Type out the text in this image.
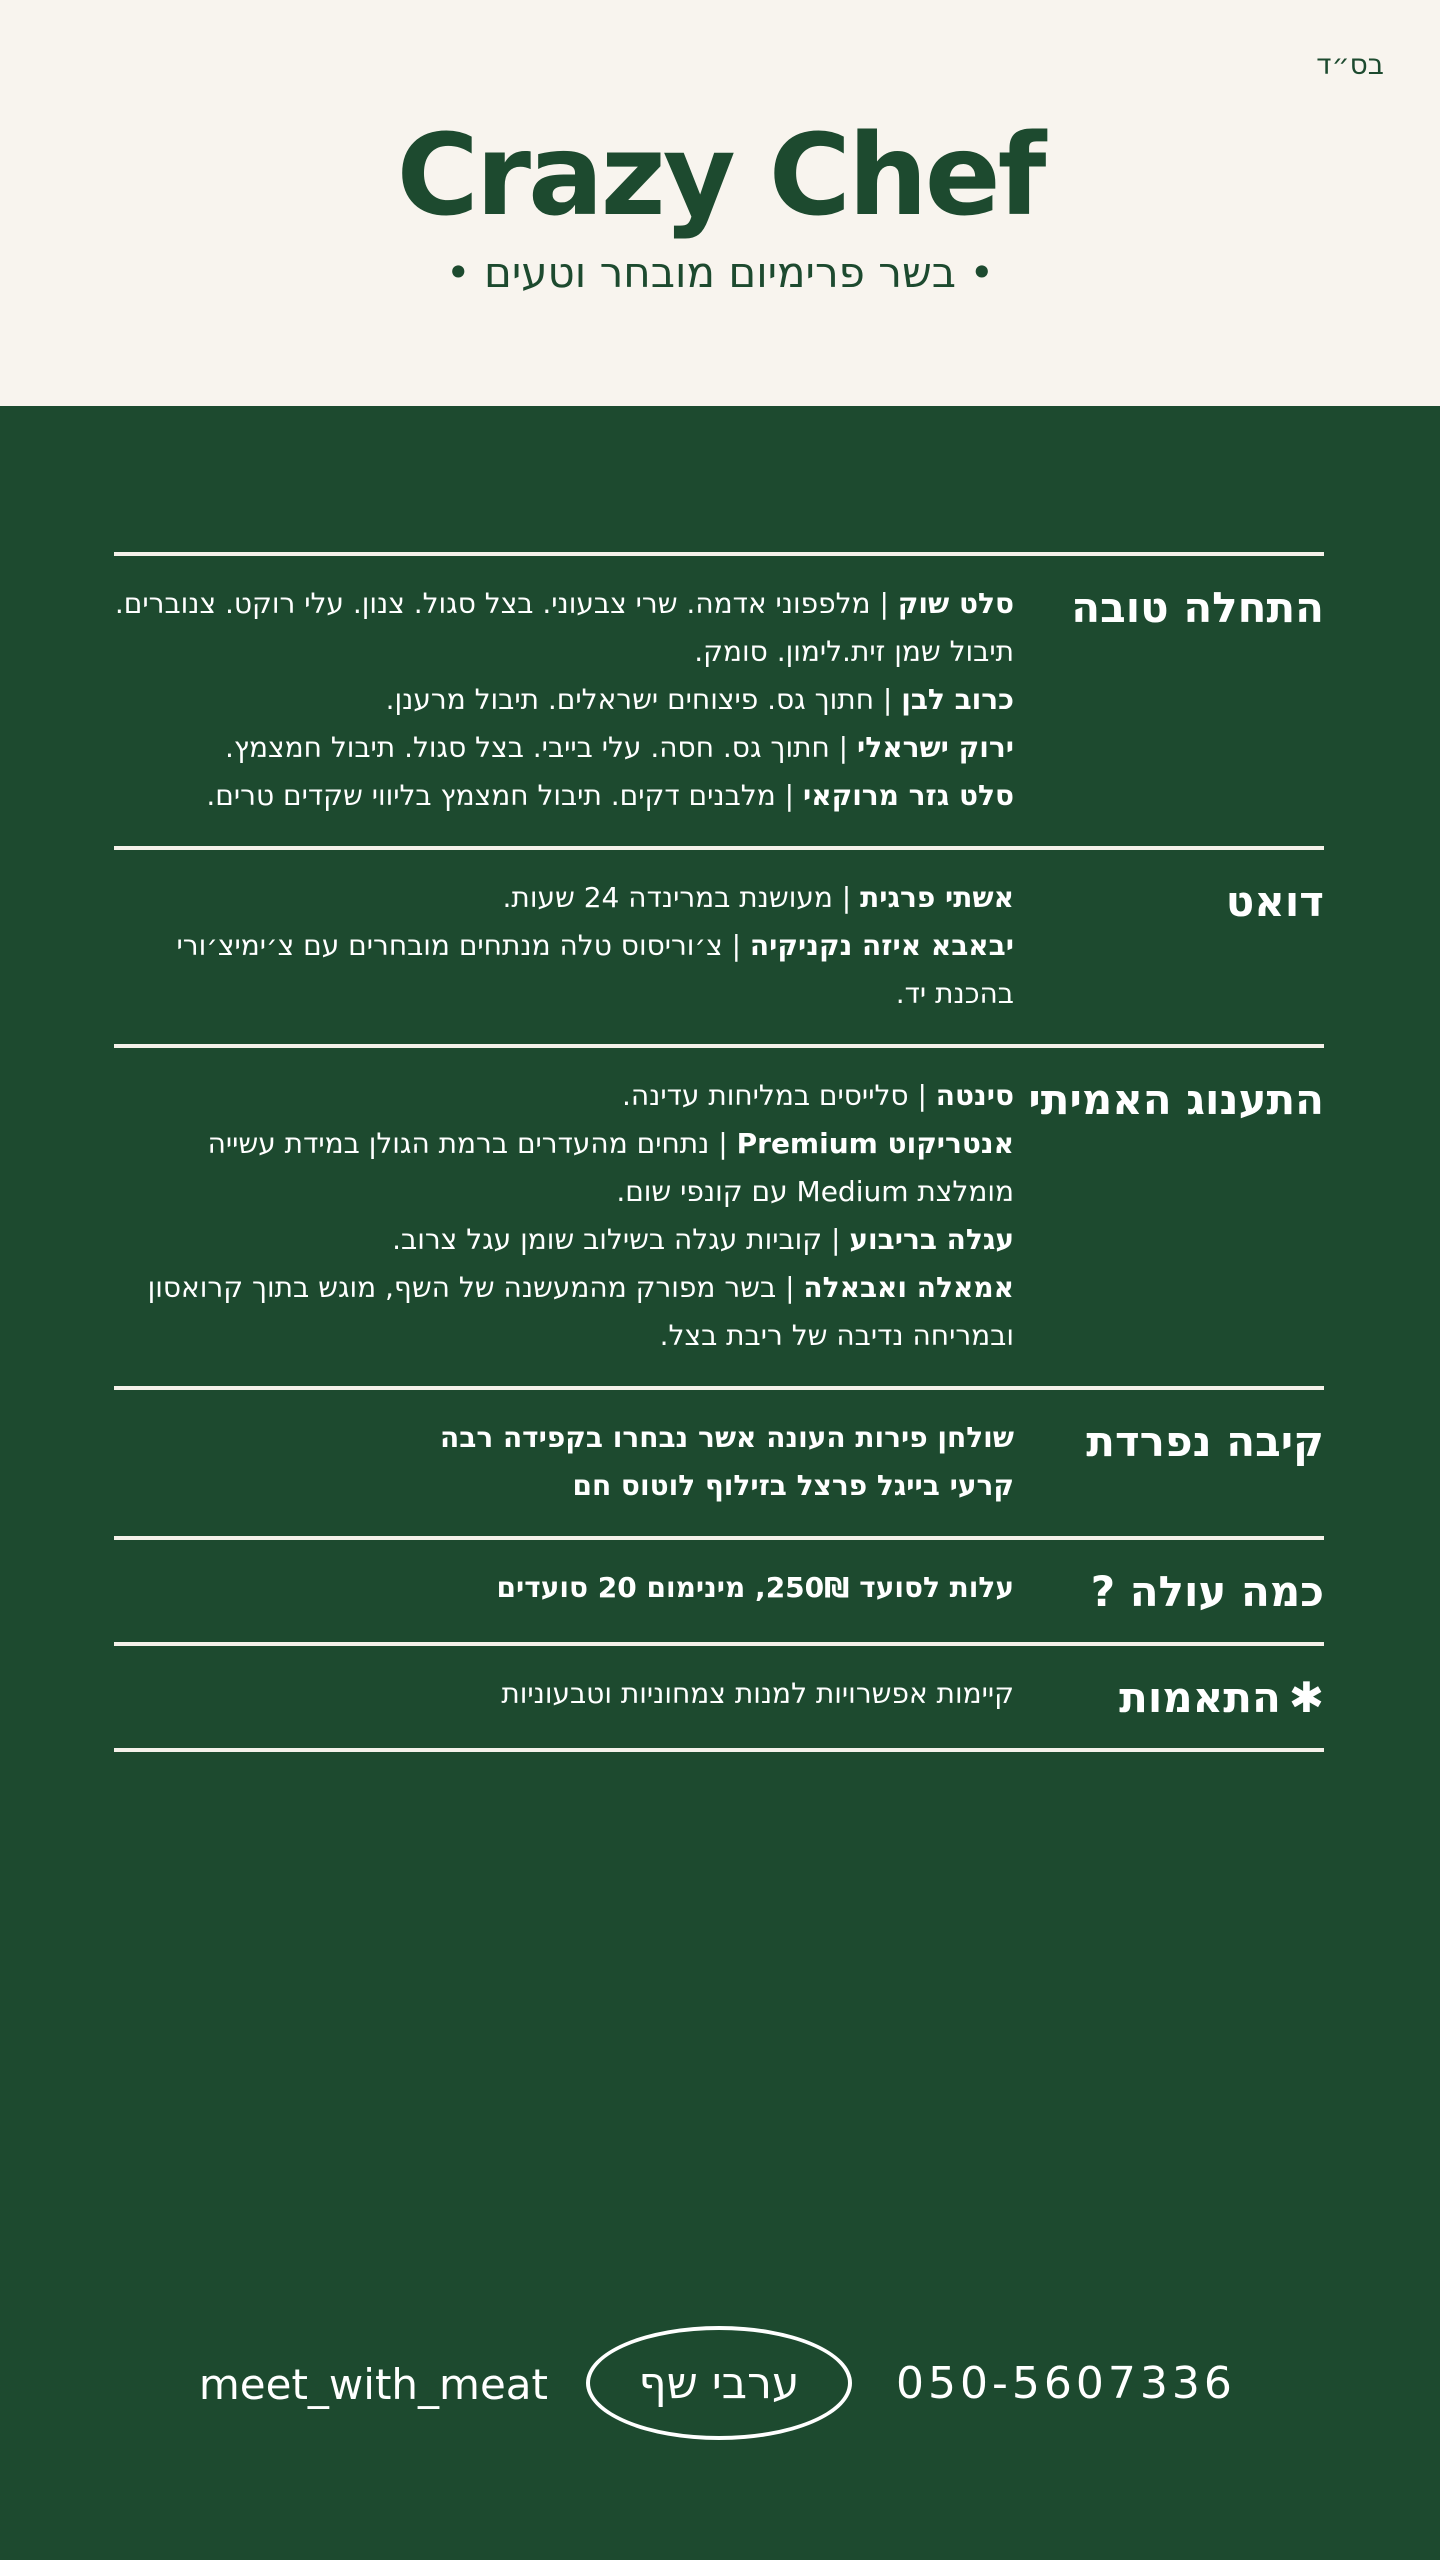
בס״ד
Crazy Chef
• בשר פרימיום מובחר וטעים •
התחלה טובה
סלט שוק | מלפפוני אדמה. שרי צבעוני. בצל סגול. צנון. עלי רוקט. צנוברים. תיבול שמן זית.לימון. סומק.
כרוב לבן | חתוך גס. פיצוחים ישראלים. תיבול מרענן.
ירוק ישראלי | חתוך גס. חסה. עלי בייבי. בצל סגול. תיבול חמצמץ.
סלט גזר מרוקאי | מלבנים דקים. תיבול חמצמץ בליווי שקדים טרים.
דואט
אשתי פרגית | מעושנת במרינדה 24 שעות.
יבאבא איזה נקניקיה | צ׳וריסוס טלה מנתחים מובחרים עם צ׳ימיצ׳ורי בהכנת יד.
התענוג האמיתי
סינטה | סלייסים במליחות עדינה.
אנטריקוט Premium | נתחים מהעדרים ברמת הגולן במידת עשייה מומלצת Medium עם קונפי שום.
עגלה בריבוע | קוביות עגלה בשילוב שומן עגל צרוב.
אמאלה ואבאלה | בשר מפורק מהמעשנה של השף, מוגש בתוך קרואסון ובמריחה נדיבה של ריבת בצל.
קיבה נפרדת
שולחן פירות העונה אשר נבחרו בקפידה רבה
קרעי בייגל פרצל בזילוף לוטוס חם
כמה עולה ?
עלות לסועד 250₪, מינימום 20 סועדים
✱התאמות
קיימות אפשרויות למנות צמחוניות וטבעוניות
meet_with_meat ערבי שף 050-5607336
